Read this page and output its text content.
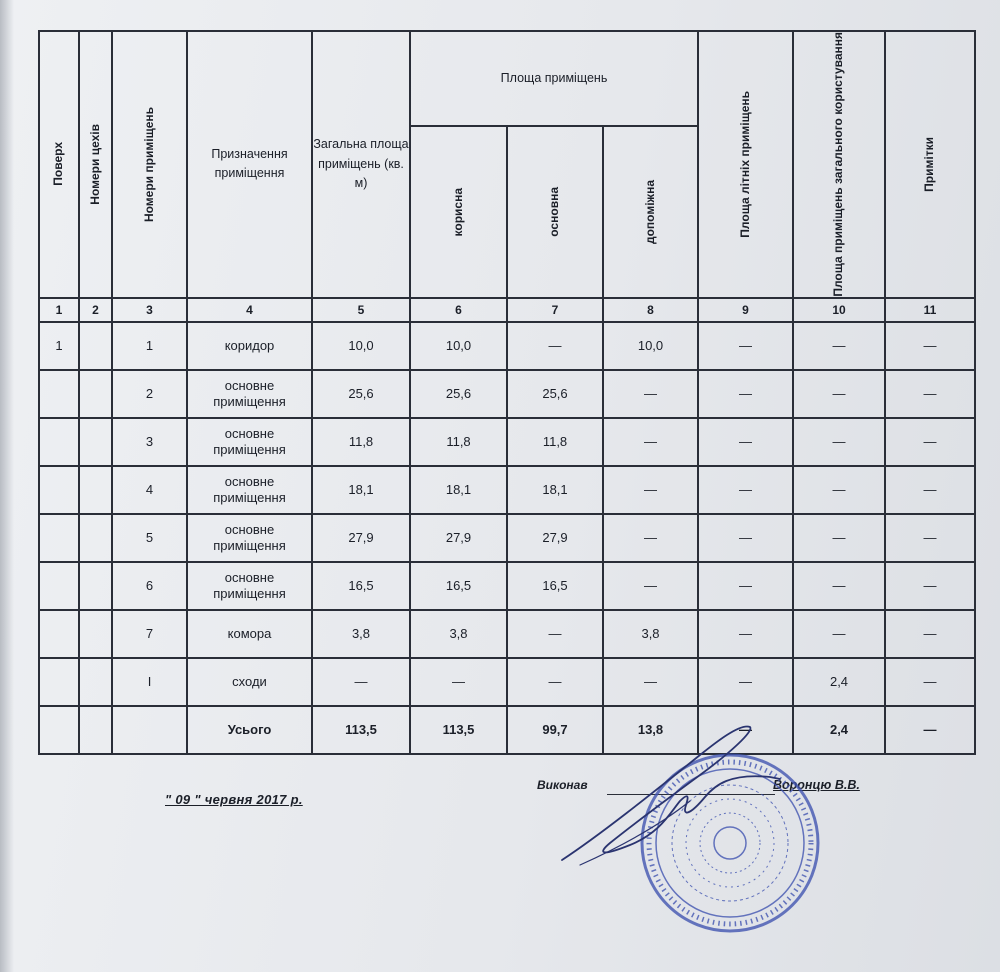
Поверх	Номери цехів	Номери приміщень	Призначення приміщення	Загальна площа приміщень (кв. м)	Площа приміщень			Площа літніх приміщень	Площа приміщень загального користування	Примітки

					корисна	основна	допоміжна			

1	2	3	4	5	6	7	8	9	10	11
1		1	коридор	10,0	10,0	—	10,0	—	—	—
		2	основне приміщення	25,6	25,6	25,6	—	—	—	—
		3	основне приміщення	11,8	11,8	11,8	—	—	—	—
		4	основне приміщення	18,1	18,1	18,1	—	—	—	—
		5	основне приміщення	27,9	27,9	27,9	—	—	—	—
		6	основне приміщення	16,5	16,5	16,5	—	—	—	—
		7	комора	3,8	3,8	—	3,8	—	—	—
		I	сходи	—	—	—	—	—	2,4	—
			Усього	113,5	113,5	99,7	13,8	—	2,4	—
" 09 " червня 2017 р.
Виконав	Воронцю В.В.
